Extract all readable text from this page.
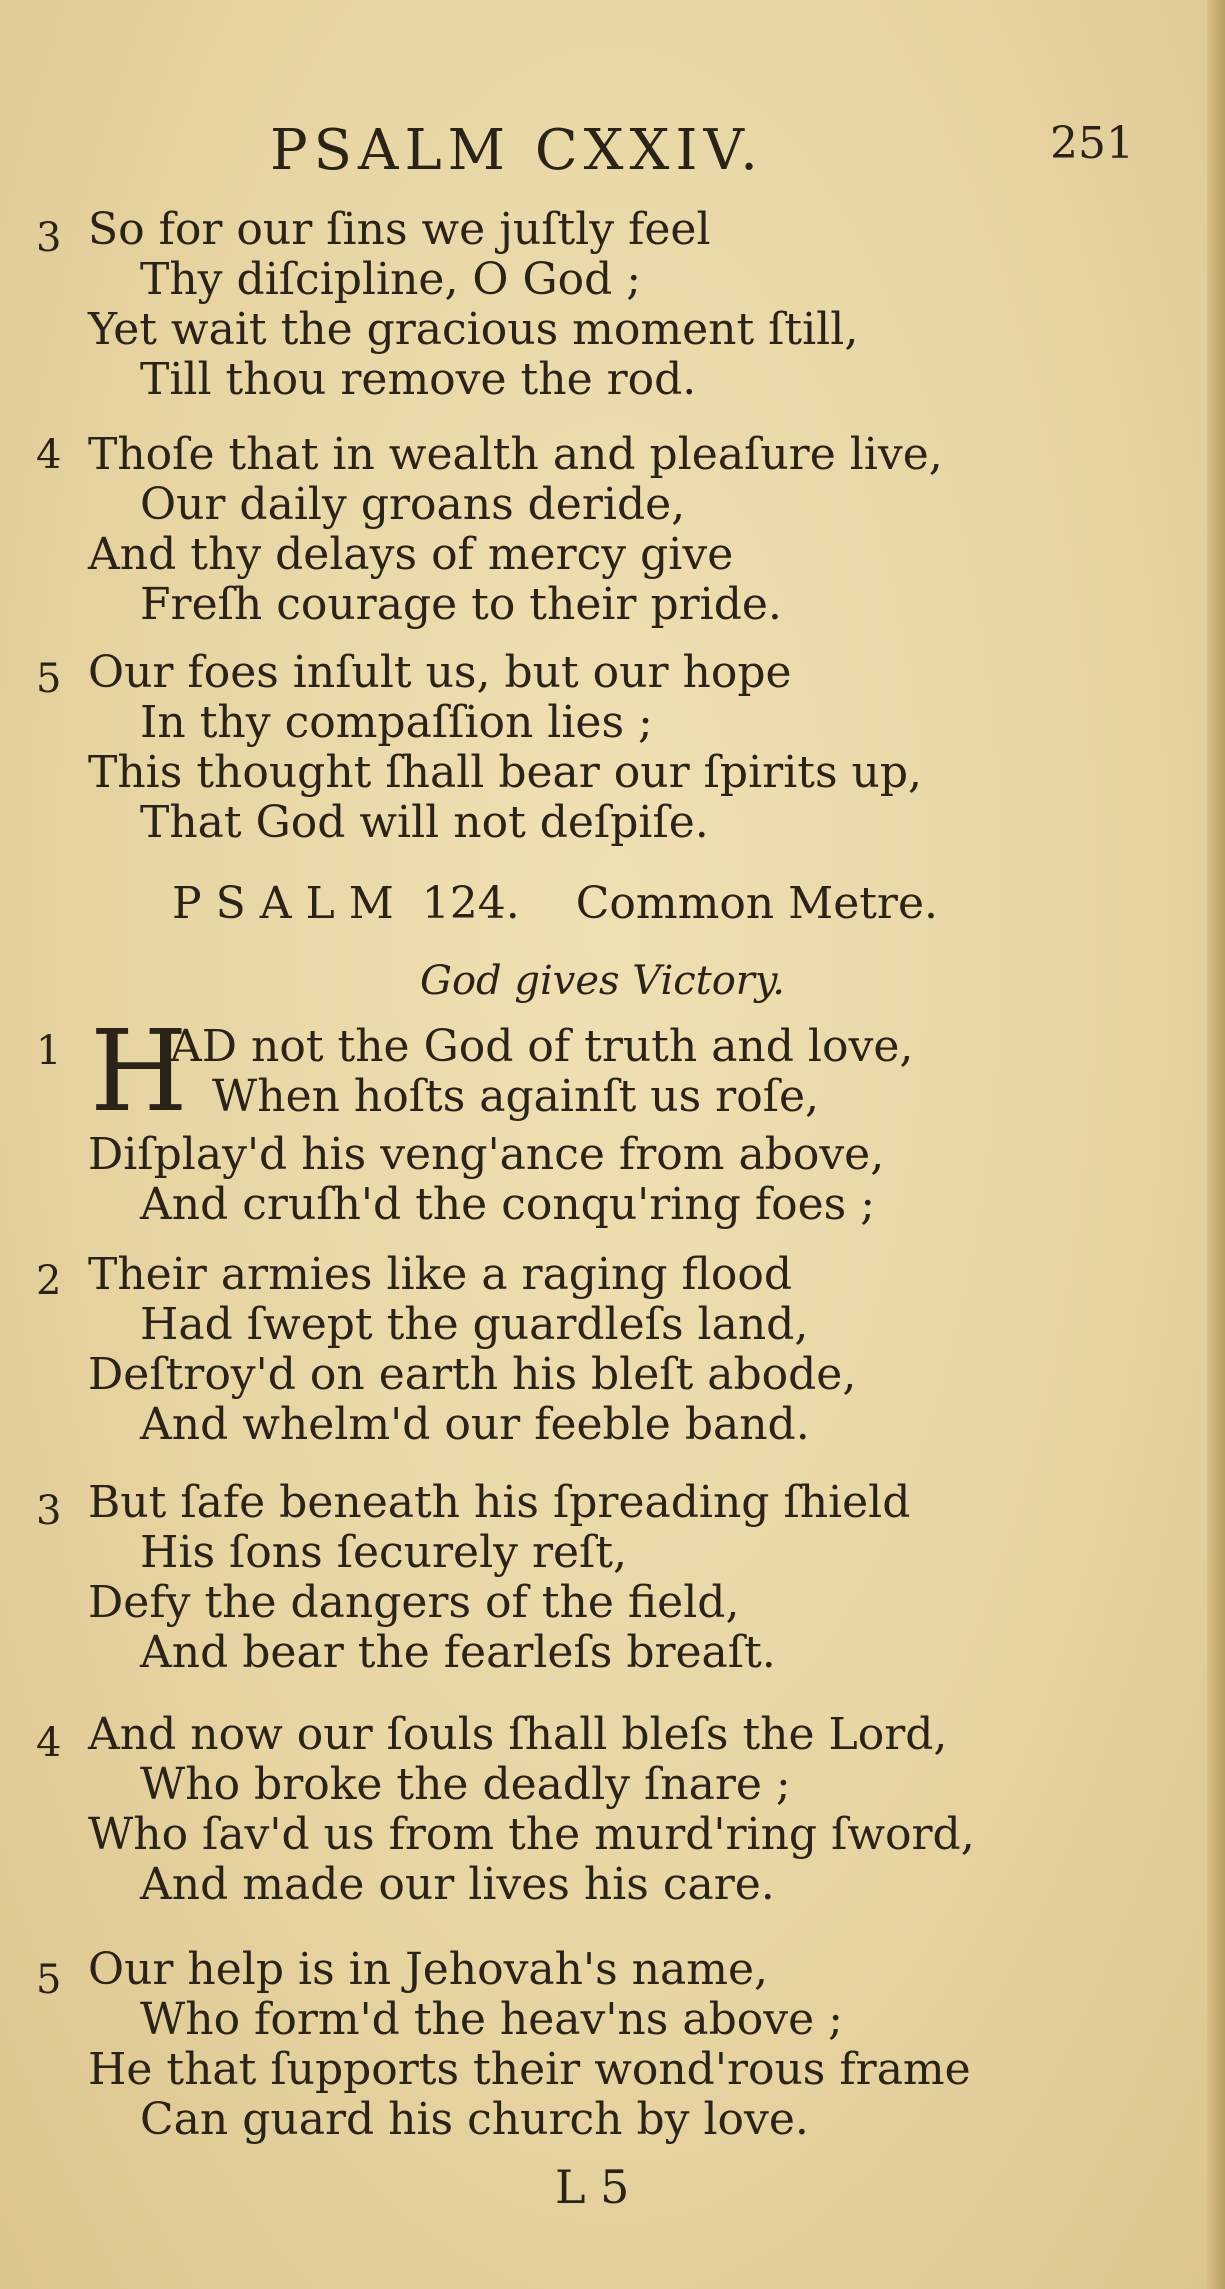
PSALM CXXIV.	251
3 So for our ſins we juſtly feel
Thy diſcipline, O God ;
Yet wait the gracious moment ſtill,
Till thou remove the rod.
4 Thoſe that in wealth and pleaſure live,
Our daily groans deride,
And thy delays of mercy give
Freſh courage to their pride.
5 Our foes inſult us, but our hope
In thy compaſſion lies ;
This thought ſhall bear our ſpirits up,
That God will not deſpiſe.
PSALM 124. Common Metre.
God gives Victory.
1 H
AD not the God of truth and love,
When hoſts againſt us roſe,
Diſplay'd his veng'ance from above,
And cruſh'd the conqu'ring foes ;
2 Their armies like a raging flood
Had ſwept the guardleſs land,
Deſtroy'd on earth his bleſt abode,
And whelm'd our feeble band.
3 But ſafe beneath his ſpreading ſhield
His ſons ſecurely reſt,
Defy the dangers of the field,
And bear the fearleſs breaſt.
4 And now our ſouls ſhall bleſs the Lord,
Who broke the deadly ſnare ;
Who ſav'd us from the murd'ring ſword,
And made our lives his care.
5 Our help is in Jehovah's name,
Who form'd the heav'ns above ;
He that ſupports their wond'rous frame
Can guard his church by love.
L 5
